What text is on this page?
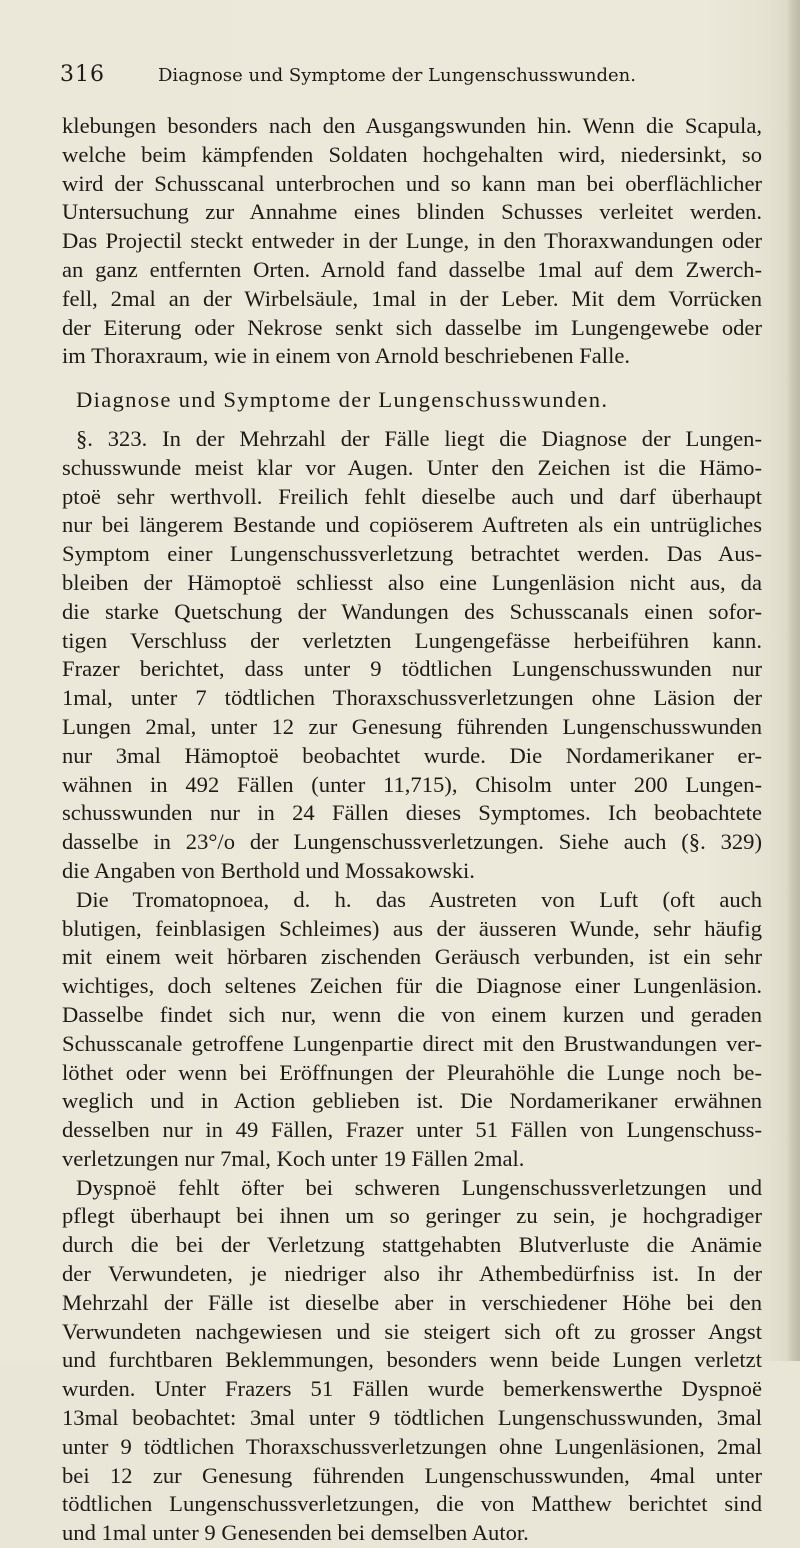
316	Diagnose und Symptome der Lungenschusswunden.
klebungen besonders nach den Ausgangswunden hin. Wenn die Scapula,
welche beim kämpfenden Soldaten hochgehalten wird, niedersinkt, so
wird der Schusscanal unterbrochen und so kann man bei oberflächlicher
Untersuchung zur Annahme eines blinden Schusses verleitet werden.
Das Projectil steckt entweder in der Lunge, in den Thoraxwandungen oder
an ganz entfernten Orten. Arnold fand dasselbe 1mal auf dem Zwerch-
fell, 2mal an der Wirbelsäule, 1mal in der Leber. Mit dem Vorrücken
der Eiterung oder Nekrose senkt sich dasselbe im Lungengewebe oder
im Thoraxraum, wie in einem von Arnold beschriebenen Falle.
Diagnose und Symptome der Lungenschusswunden.
§. 323. In der Mehrzahl der Fälle liegt die Diagnose der Lungen-
schusswunde meist klar vor Augen. Unter den Zeichen ist die Hämo-
ptoë sehr werthvoll. Freilich fehlt dieselbe auch und darf überhaupt
nur bei längerem Bestande und copiöserem Auftreten als ein untrügliches
Symptom einer Lungenschussverletzung betrachtet werden. Das Aus-
bleiben der Hämoptoë schliesst also eine Lungenläsion nicht aus, da
die starke Quetschung der Wandungen des Schusscanals einen sofor-
tigen Verschluss der verletzten Lungengefässe herbeiführen kann.
Frazer berichtet, dass unter 9 tödtlichen Lungenschusswunden nur
1mal, unter 7 tödtlichen Thoraxschussverletzungen ohne Läsion der
Lungen 2mal, unter 12 zur Genesung führenden Lungenschusswunden
nur 3mal Hämoptoë beobachtet wurde. Die Nordamerikaner er-
wähnen in 492 Fällen (unter 11,715), Chisolm unter 200 Lungen-
schusswunden nur in 24 Fällen dieses Symptomes. Ich beobachtete
dasselbe in 23°/o der Lungenschussverletzungen. Siehe auch (§. 329)
die Angaben von Berthold und Mossakowski.
Die Tromatopnoea, d. h. das Austreten von Luft (oft auch
blutigen, feinblasigen Schleimes) aus der äusseren Wunde, sehr häufig
mit einem weit hörbaren zischenden Geräusch verbunden, ist ein sehr
wichtiges, doch seltenes Zeichen für die Diagnose einer Lungenläsion.
Dasselbe findet sich nur, wenn die von einem kurzen und geraden
Schusscanale getroffene Lungenpartie direct mit den Brustwandungen ver-
löthet oder wenn bei Eröffnungen der Pleurahöhle die Lunge noch be-
weglich und in Action geblieben ist. Die Nordamerikaner erwähnen
desselben nur in 49 Fällen, Frazer unter 51 Fällen von Lungenschuss-
verletzungen nur 7mal, Koch unter 19 Fällen 2mal.
Dyspnoë fehlt öfter bei schweren Lungenschussverletzungen und
pflegt überhaupt bei ihnen um so geringer zu sein, je hochgradiger
durch die bei der Verletzung stattgehabten Blutverluste die Anämie
der Verwundeten, je niedriger also ihr Athembedürfniss ist. In der
Mehrzahl der Fälle ist dieselbe aber in verschiedener Höhe bei den
Verwundeten nachgewiesen und sie steigert sich oft zu grosser Angst
und furchtbaren Beklemmungen, besonders wenn beide Lungen verletzt
wurden. Unter Frazers 51 Fällen wurde bemerkenswerthe Dyspnoë
13mal beobachtet: 3mal unter 9 tödtlichen Lungenschusswunden, 3mal
unter 9 tödtlichen Thoraxschussverletzungen ohne Lungenläsionen, 2mal
bei 12 zur Genesung führenden Lungenschusswunden, 4mal unter
tödtlichen Lungenschussverletzungen, die von Matthew berichtet sind
und 1mal unter 9 Genesenden bei demselben Autor.
